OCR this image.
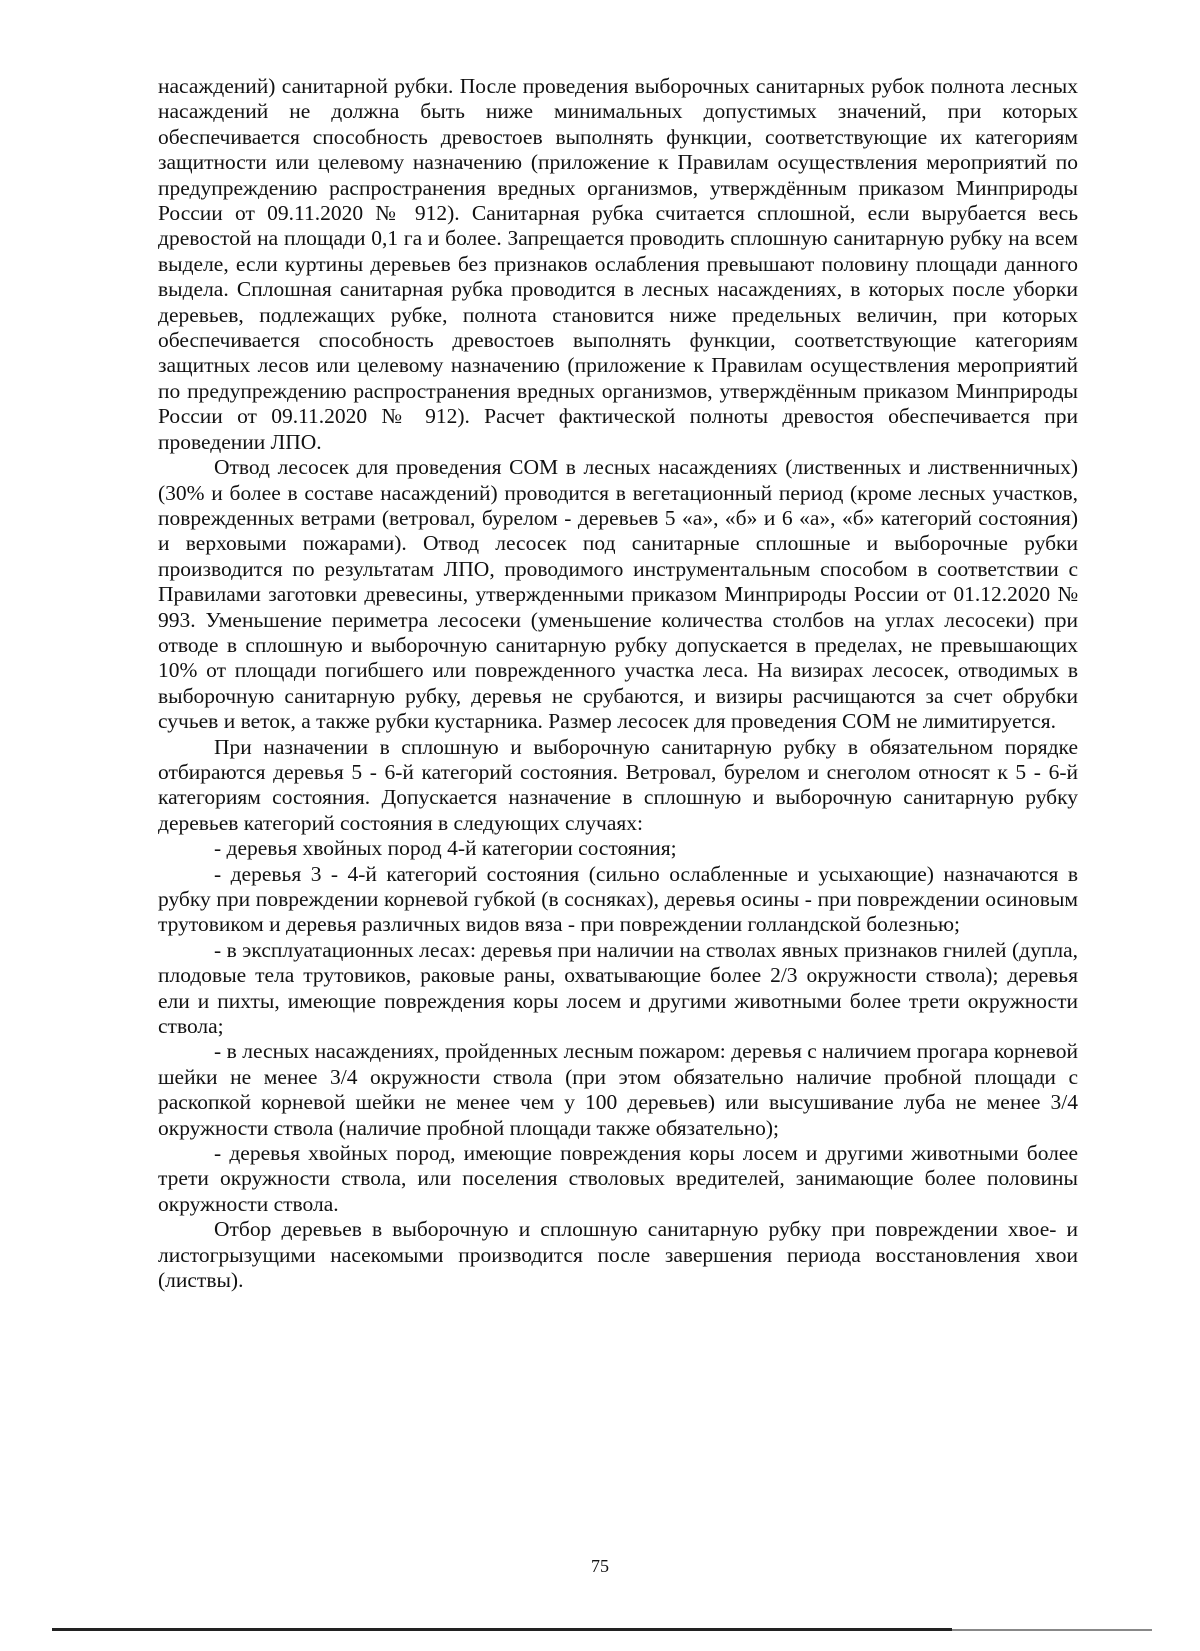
насаждений) санитарной рубки. После проведения выборочных санитарных рубок полнота лесных насаждений не должна быть ниже минимальных допустимых значений, при которых обеспечивается способность древостоев выполнять функции, соответствующие их категориям защитности или целевому назначению (приложение к Правилам осуществления мероприятий по предупреждению распространения вредных организмов, утверждённым приказом Минприроды России от 09.11.2020 № 912). Санитарная рубка считается сплошной, если вырубается весь древостой на площади 0,1 га и более. Запрещается проводить сплошную санитарную рубку на всем выделе, если куртины деревьев без признаков ослабления превышают половину площади данного выдела. Сплошная санитарная рубка проводится в лесных насаждениях, в которых после уборки деревьев, подлежащих рубке, полнота становится ниже предельных величин, при которых обеспечивается способность древостоев выполнять функции, соответствующие категориям защитных лесов или целевому назначению (приложение к Правилам осуществления мероприятий по предупреждению распространения вредных организмов, утверждённым приказом Минприроды России от 09.11.2020 № 912). Расчет фактической полноты древостоя обеспечивается при проведении ЛПО.

Отвод лесосек для проведения СОМ в лесных насаждениях (лиственных и лиственничных) (30% и более в составе насаждений) проводится в вегетационный период (кроме лесных участков, поврежденных ветрами (ветровал, бурелом - деревьев 5 «а», «б» и 6 «а», «б» категорий состояния) и верховыми пожарами). Отвод лесосек под санитарные сплошные и выборочные рубки производится по результатам ЛПО, проводимого инструментальным способом в соответствии с Правилами заготовки древесины, утвержденными приказом Минприроды России от 01.12.2020 № 993. Уменьшение периметра лесосеки (уменьшение количества столбов на углах лесосеки) при отводе в сплошную и выборочную санитарную рубку допускается в пределах, не превышающих 10% от площади погибшего или поврежденного участка леса. На визирах лесосек, отводимых в выборочную санитарную рубку, деревья не срубаются, и визиры расчищаются за счет обрубки сучьев и веток, а также рубки кустарника. Размер лесосек для проведения СОМ не лимитируется.

При назначении в сплошную и выборочную санитарную рубку в обязательном порядке отбираются деревья 5 - 6-й категорий состояния. Ветровал, бурелом и снеголом относят к 5 - 6-й категориям состояния. Допускается назначение в сплошную и выборочную санитарную рубку деревьев категорий состояния в следующих случаях:

- деревья хвойных пород 4-й категории состояния;

- деревья 3 - 4-й категорий состояния (сильно ослабленные и усыхающие) назначаются в рубку при повреждении корневой губкой (в сосняках), деревья осины - при повреждении осиновым трутовиком и деревья различных видов вяза - при повреждении голландской болезнью;

- в эксплуатационных лесах: деревья при наличии на стволах явных признаков гнилей (дупла, плодовые тела трутовиков, раковые раны, охватывающие более 2/3 окружности ствола); деревья ели и пихты, имеющие повреждения коры лосем и другими животными более трети окружности ствола;

- в лесных насаждениях, пройденных лесным пожаром: деревья с наличием прогара корневой шейки не менее 3/4 окружности ствола (при этом обязательно наличие пробной площади с раскопкой корневой шейки не менее чем у 100 деревьев) или высушивание луба не менее 3/4 окружности ствола (наличие пробной площади также обязательно);

- деревья хвойных пород, имеющие повреждения коры лосем и другими животными более трети окружности ствола, или поселения стволовых вредителей, занимающие более половины окружности ствола.

Отбор деревьев в выборочную и сплошную санитарную рубку при повреждении хвое- и листогрызущими насекомыми производится после завершения периода восстановления хвои (листвы).

75
